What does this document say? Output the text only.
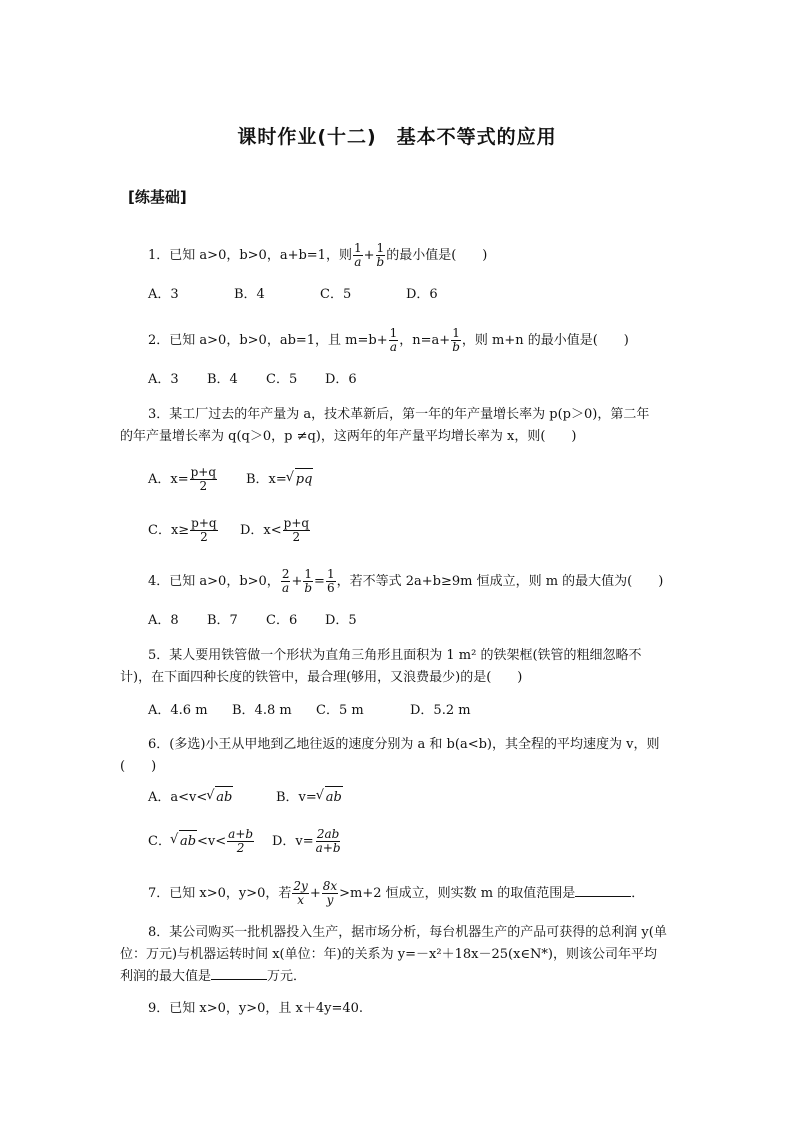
课时作业(十二)　基本不等式的应用
[练基础]
1．已知 a>0，b>0，a+b=1，则 $\frac{1}{a} + \frac{1}{b}$ 的最小值是(　　)
A．3	B．4	C．5	D．6
2．已知 a>0，b>0，ab=1，且 $m=b+ \frac{1}{a}$ ，$n=a+ \frac{1}{b}$ ，则 m+n 的最小值是(　　)
A．3 B．4 C．5 D．6
3．某工厂过去的年产量为 a，技术革新后，第一年的年产量增长率为 p(p＞0)，第二年
的年产量增长率为 q(q＞0，p ≠q)，这两年的年产量平均增长率为 x，则(　　)
A．$x= \frac{p+q}{2}$ B．x= √ pq
C．$x\ge \frac{p+q}{2}$ D．$x< \frac{p+q}{2}$
4．已知 a>0，b>0， $\frac{2}{a} + \frac{1}{b} = \frac{1}{6}$ ，若不等式 2a+b≥9m 恒成立，则 m 的最大值为(　　)
A．8 B．7 C．6 D．5
5．某人要用铁管做一个形状为直角三角形且面积为 1 m² 的铁架框(铁管的粗细忽略不
计)，在下面四种长度的铁管中，最合理(够用，又浪费最少)的是(　　)
A．4.6 m B．4.8 m C．5 m	D．5.2 m
6．(多选)小王从甲地到乙地往返的速度分别为 a 和 b(a<b)，其全程的平均速度为 v，则
(　　)
A．a<v< √ ab	B．v= √ ab
C． √ $ab<v< \frac{a+b}{2}$ D．$v= \frac{2ab}{a+b}$
7．已知 x>0，y>0，若 $\frac{2y}{x} + \frac{8x}{y} >m+2$ 恒成立，则实数 m 的取值范围是	．
8．某公司购买一批机器投入生产，据市场分析，每台机器生产的产品可获得的总利润 y(单
位：万元)与机器运转时间 x(单位：年)的关系为 y=－x²＋18x－25(x∈N*)，则该公司年平均
利润的最大值是	万元．
9．已知 x>0，y>0，且 x＋4y=40.
